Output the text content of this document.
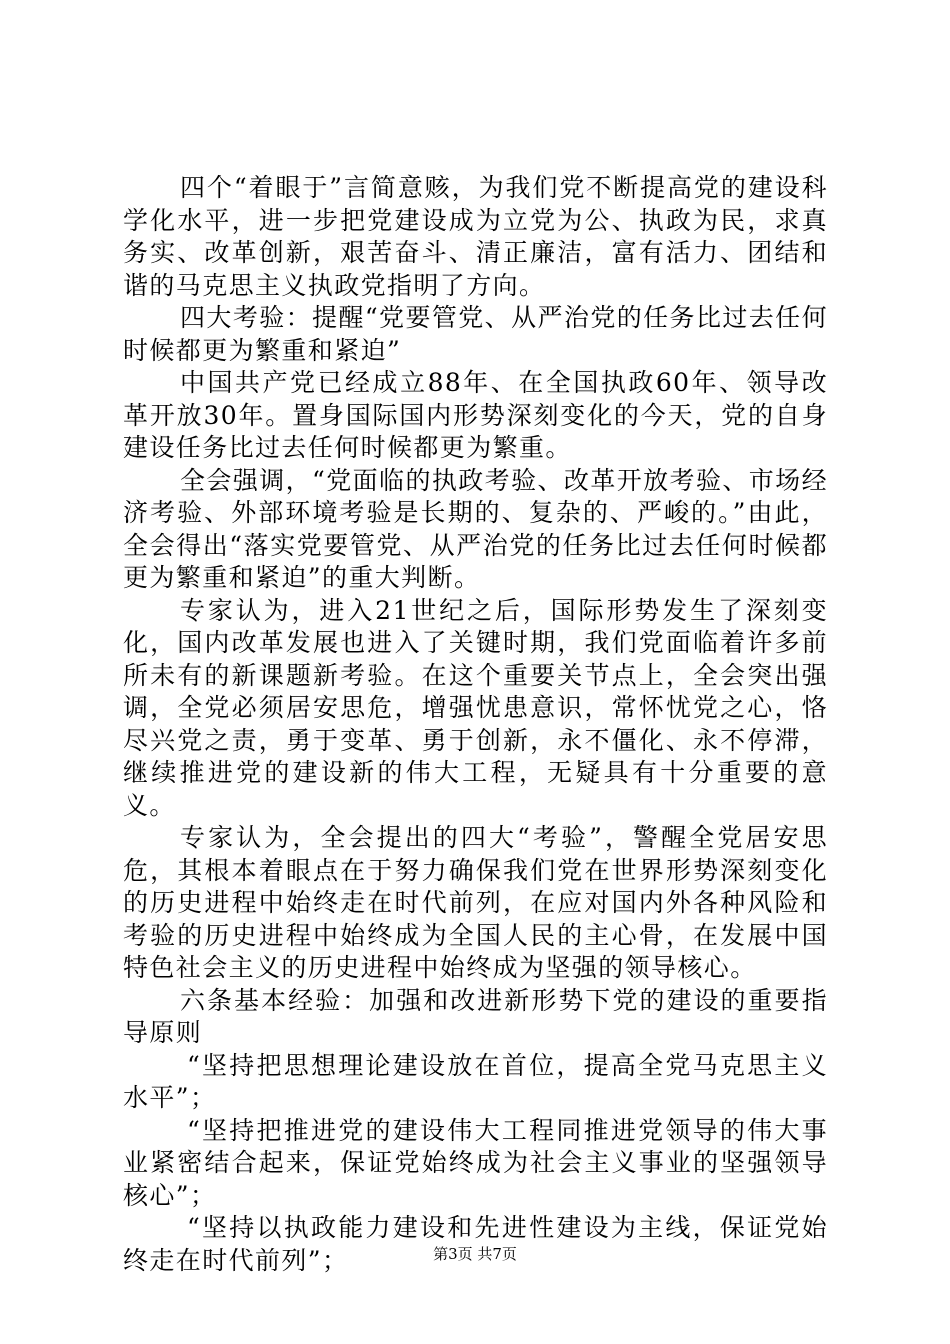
四个“着眼于”言简意赅，为我们党不断提高党的建设科学化水平，进一步把党建设成为立党为公、执政为民，求真务实、改革创新，艰苦奋斗、清正廉洁，富有活力、团结和谐的马克思主义执政党指明了方向。

四大考验：提醒“党要管党、从严治党的任务比过去任何时候都更为繁重和紧迫”

中国共产党已经成立88年、在全国执政60年、领导改革开放30年。置身国际国内形势深刻变化的今天，党的自身建设任务比过去任何时候都更为繁重。

全会强调，“党面临的执政考验、改革开放考验、市场经济考验、外部环境考验是长期的、复杂的、严峻的。”由此，全会得出“落实党要管党、从严治党的任务比过去任何时候都更为繁重和紧迫”的重大判断。

专家认为，进入21世纪之后，国际形势发生了深刻变化，国内改革发展也进入了关键时期，我们党面临着许多前所未有的新课题新考验。在这个重要关节点上，全会突出强调，全党必须居安思危，增强忧患意识，常怀忧党之心，恪尽兴党之责，勇于变革、勇于创新，永不僵化、永不停滞，继续推进党的建设新的伟大工程，无疑具有十分重要的意义。

专家认为，全会提出的四大“考验”，警醒全党居安思危，其根本着眼点在于努力确保我们党在世界形势深刻变化的历史进程中始终走在时代前列，在应对国内外各种风险和考验的历史进程中始终成为全国人民的主心骨，在发展中国特色社会主义的历史进程中始终成为坚强的领导核心。

六条基本经验：加强和改进新形势下党的建设的重要指导原则

“坚持把思想理论建设放在首位，提高全党马克思主义水平”；

“坚持把推进党的建设伟大工程同推进党领导的伟大事业紧密结合起来，保证党始终成为社会主义事业的坚强领导核心”；

“坚持以执政能力建设和先进性建设为主线，保证党始终走在时代前列”；	第3页 共7页
